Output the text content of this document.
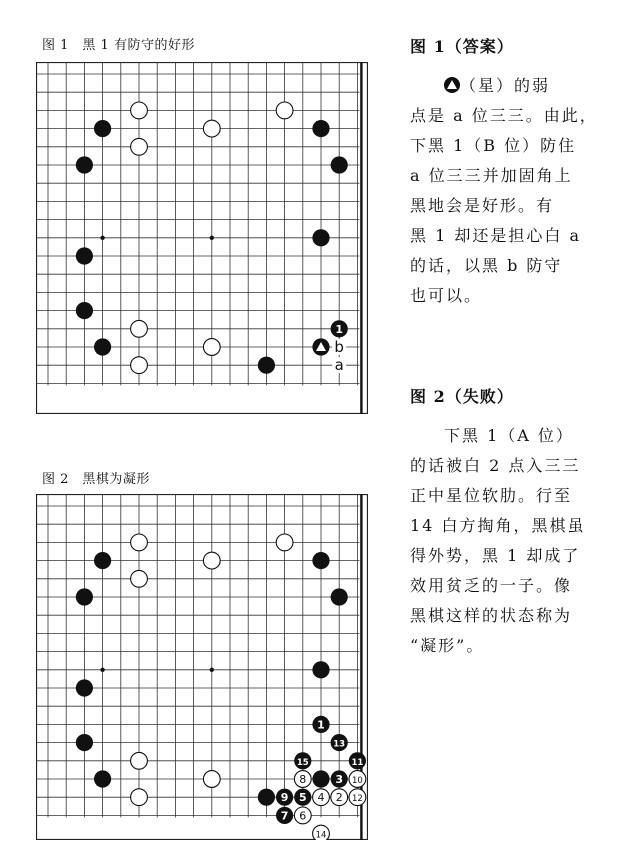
图 1　黑 1 有防守的好形
1
b
a
图 2　黑棋为凝形
1
13
15	11
8	3 10
9 5 4 2 12
7 6
14
图 1（答案）
（星）的弱
点是 a 位三三。由此，
下黑 1（B 位）防住
a 位三三并加固角上
黑地会是好形。有
黑 1 却还是担心白 a
的话，以黑 b 防守
也可以。
图 2（失败）
下黑 1（A 位）
的话被白 2 点入三三
正中星位软肋。行至
14 白方掏角，黑棋虽
得外势，黑 1 却成了
效用贫乏的一子。像
黑棋这样的状态称为
“凝形”。
